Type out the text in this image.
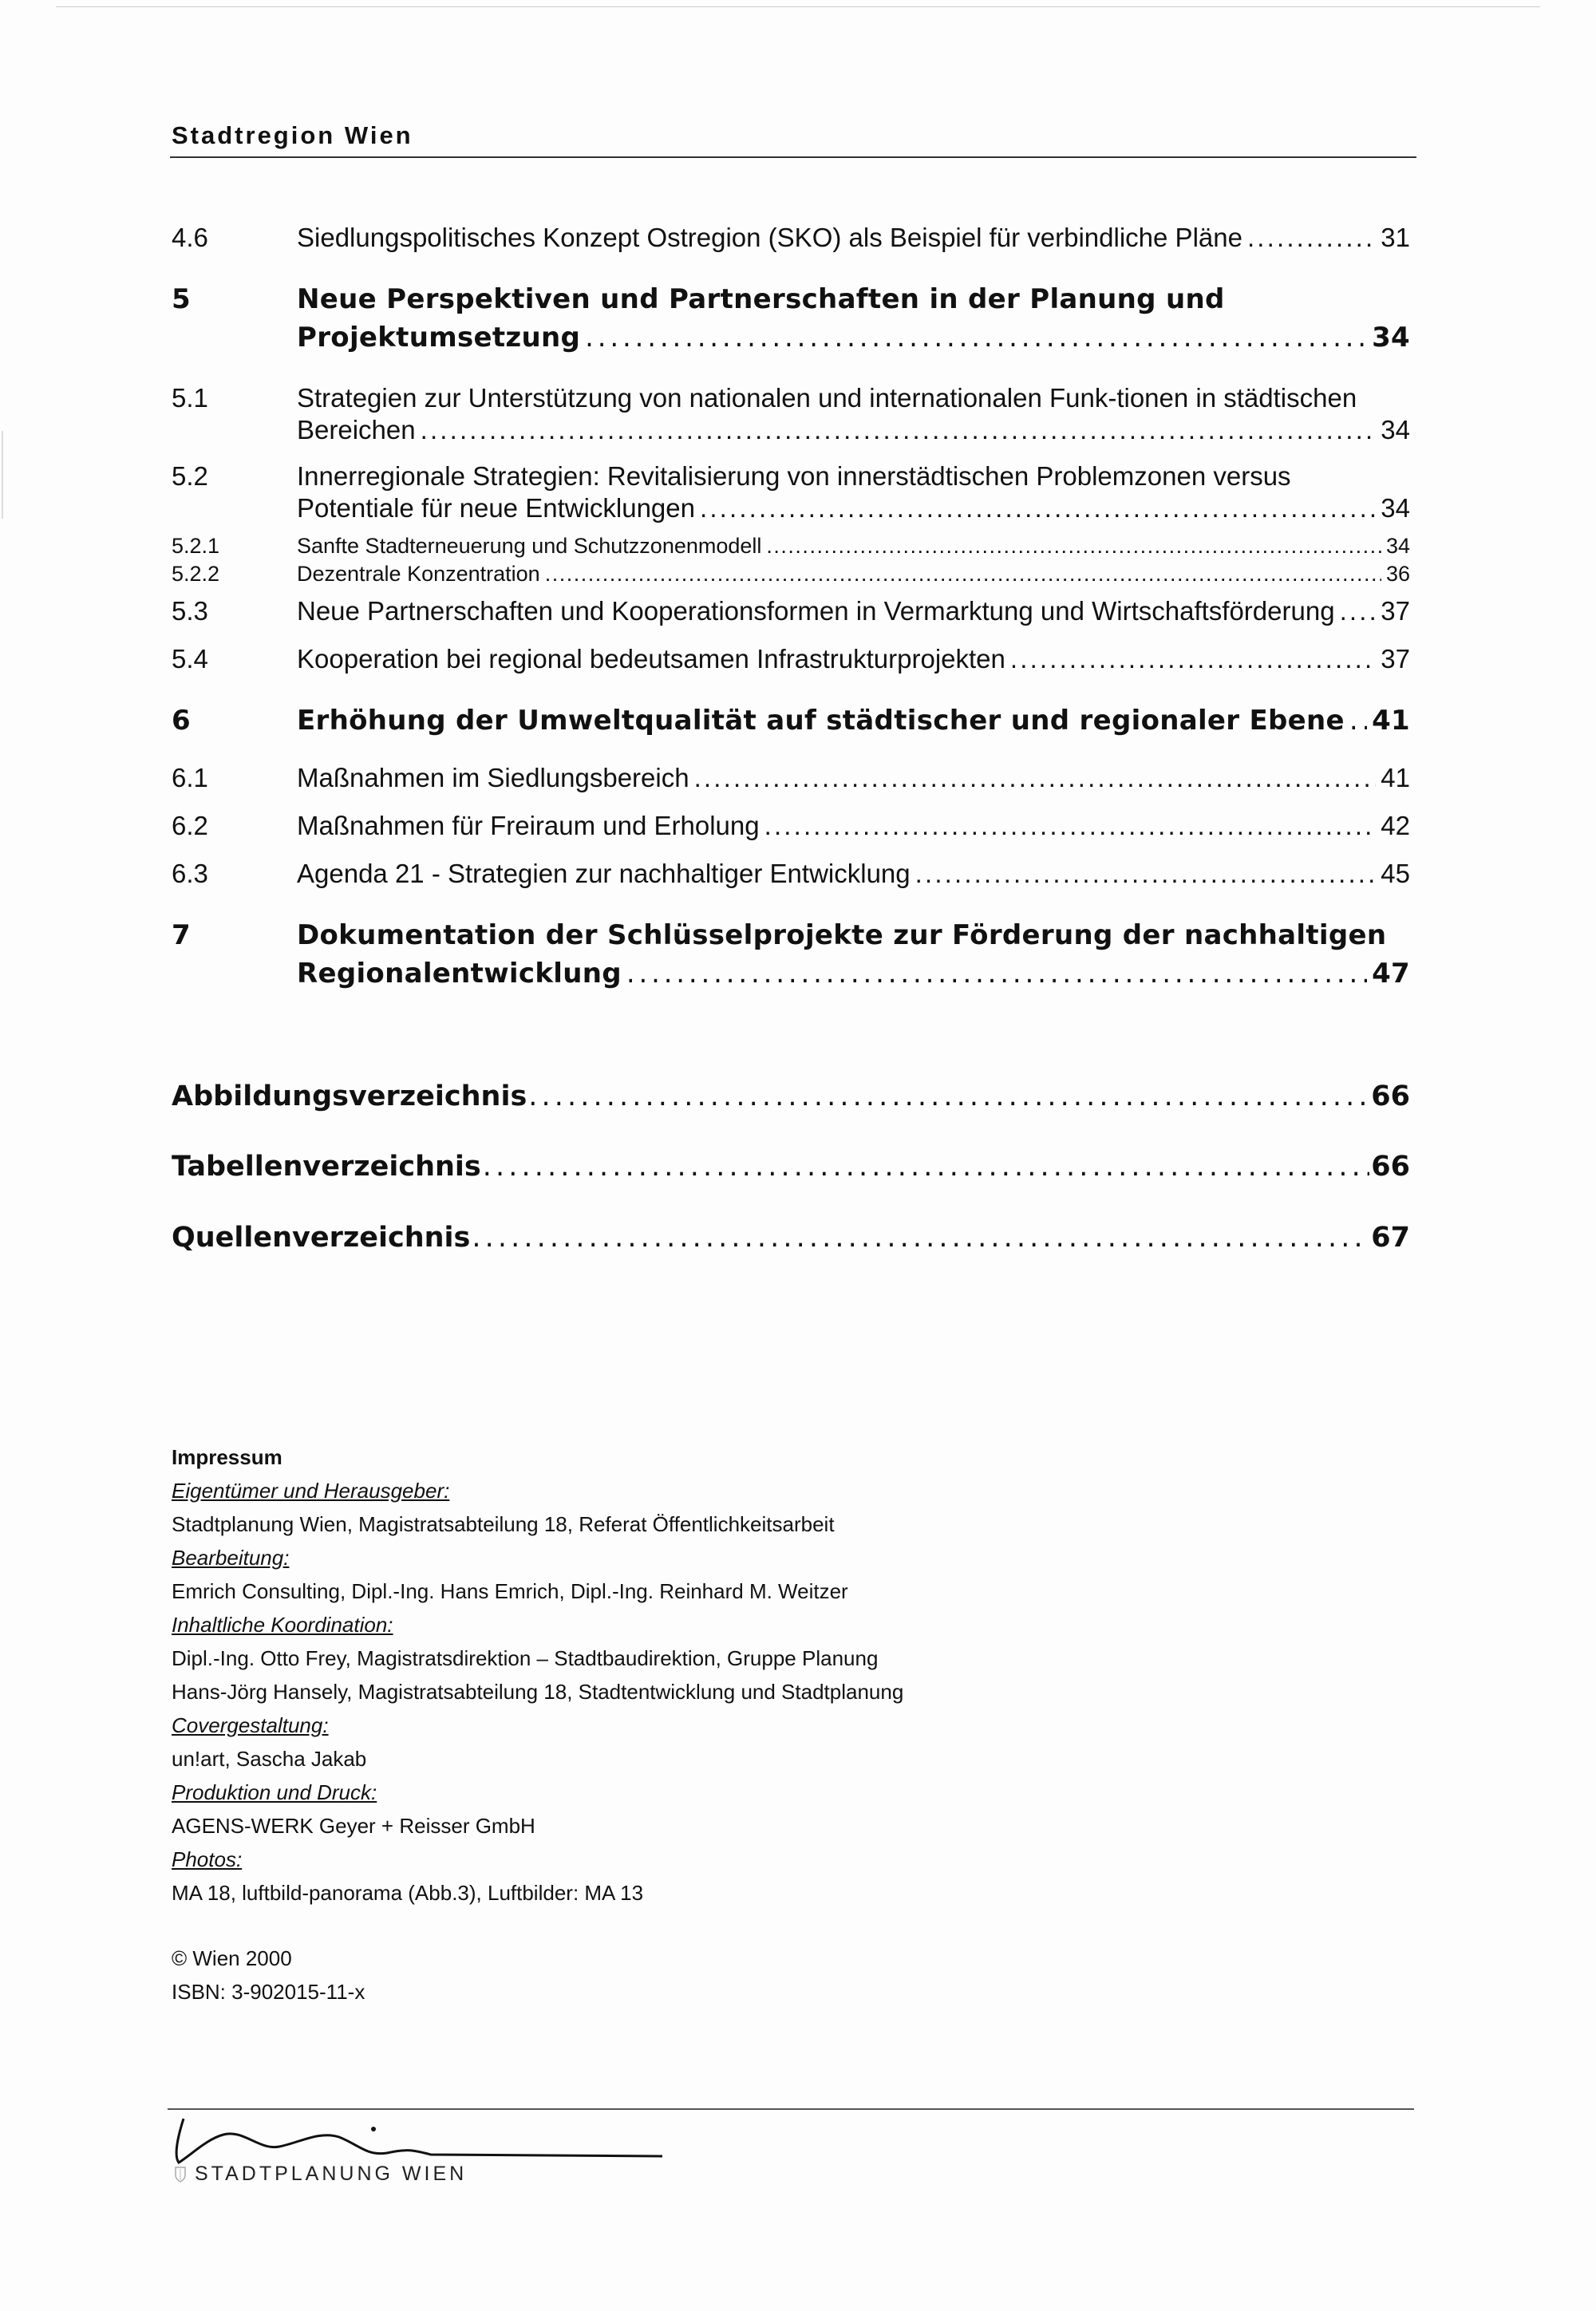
Stadtregion Wien
4.6	Siedlungspolitisches Konzept Ostregion (SKO) als Beispiel für verbindliche Pläne . . .	31
5	Neue Perspektiven und Partnerschaften in der Planung und
Projektumsetzung . . .	34
5.1	Strategien zur Unterstützung von nationalen und internationalen Funk-tionen in städtischen
Bereichen . . .	34
5.2	Innerregionale Strategien: Revitalisierung von innerstädtischen Problemzonen versus
Potentiale für neue Entwicklungen . . .	34
5.2.1	Sanfte Stadterneuerung und Schutzzonenmodell . . .	34
5.2.2	Dezentrale Konzentration . . .	36
5.3	Neue Partnerschaften und Kooperationsformen in Vermarktung und Wirtschaftsförderung . . . 37
5.4	Kooperation bei regional bedeutsamen Infrastrukturprojekten . . .	37
6	Erhöhung der Umweltqualität auf städtischer und regionaler Ebene . . . 41
6.1	Maßnahmen im Siedlungsbereich . . .	41
6.2	Maßnahmen für Freiraum und Erholung . . .	42
6.3	Agenda 21 - Strategien zur nachhaltiger Entwicklung . . .	45
7	Dokumentation der Schlüsselprojekte zur Förderung der nachhaltigen
Regionalentwicklung . . .	47
Abbildungsverzeichnis . . .	66
Tabellenverzeichnis . . .	66
Quellenverzeichnis . . .	67
Impressum
Eigentümer und Herausgeber:
Stadtplanung Wien, Magistratsabteilung 18, Referat Öffentlichkeitsarbeit
Bearbeitung:
Emrich Consulting, Dipl.-Ing. Hans Emrich, Dipl.-Ing. Reinhard M. Weitzer
Inhaltliche Koordination:
Dipl.-Ing. Otto Frey, Magistratsdirektion – Stadtbaudirektion, Gruppe Planung
Hans-Jörg Hansely, Magistratsabteilung 18, Stadtentwicklung und Stadtplanung
Covergestaltung:
un!art, Sascha Jakab
Produktion und Druck:
AGENS-WERK Geyer + Reisser GmbH
Photos:
MA 18, luftbild-panorama (Abb.3), Luftbilder: MA 13
© Wien 2000
ISBN: 3-902015-11-x
STADTPLANUNG WIEN
